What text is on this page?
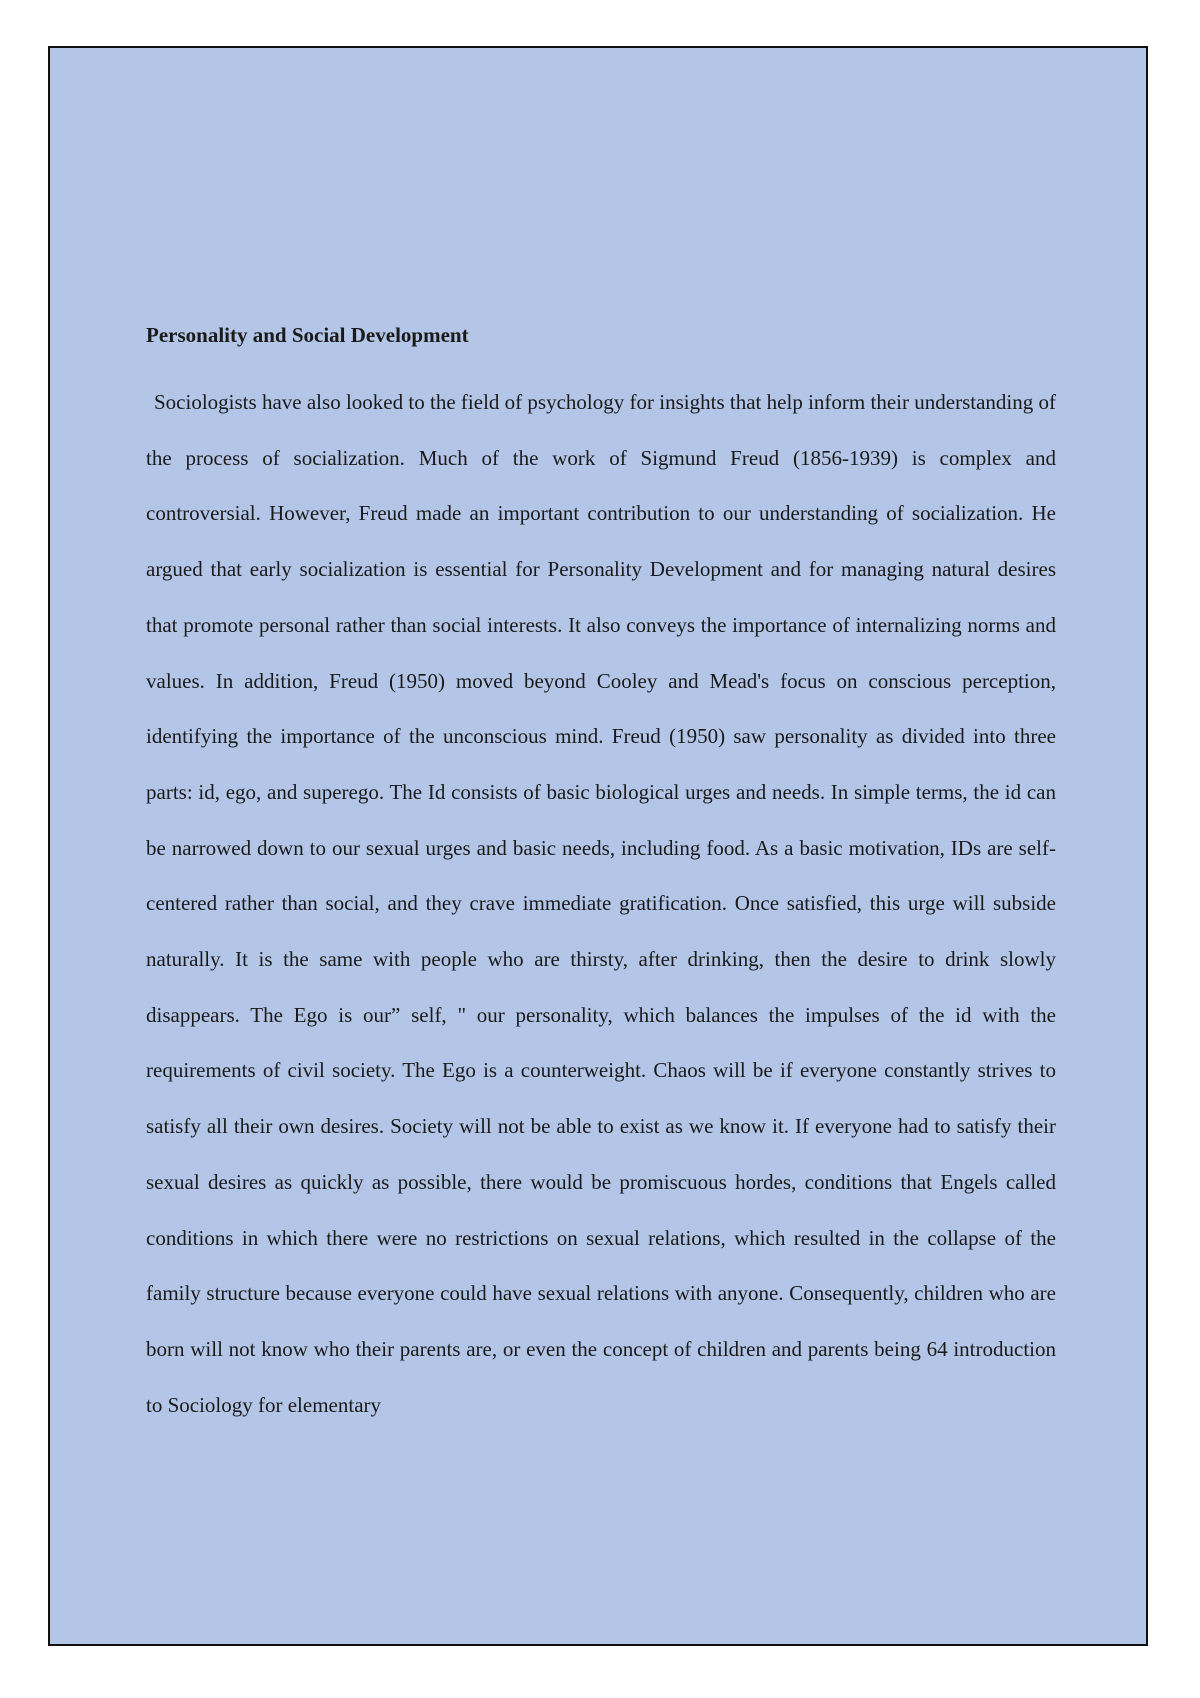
Personality and Social Development

Sociologists have also looked to the field of psychology for insights that help inform their understanding of the process of socialization. Much of the work of Sigmund Freud (1856-1939) is complex and controversial. However, Freud made an important contribution to our understanding of socialization. He argued that early socialization is essential for Personality Development and for managing natural desires that promote personal rather than social interests. It also conveys the importance of internalizing norms and values. In addition, Freud (1950) moved beyond Cooley and Mead's focus on conscious perception, identifying the importance of the unconscious mind. Freud (1950) saw personality as divided into three parts: id, ego, and superego. The Id consists of basic biological urges and needs. In simple terms, the id can be narrowed down to our sexual urges and basic needs, including food. As a basic motivation, IDs are self-centered rather than social, and they crave immediate gratification. Once satisfied, this urge will subside naturally. It is the same with people who are thirsty, after drinking, then the desire to drink slowly disappears. The Ego is our” self, " our personality, which balances the impulses of the id with the requirements of civil society. The Ego is a counterweight. Chaos will be if everyone constantly strives to satisfy all their own desires. Society will not be able to exist as we know it. If everyone had to satisfy their sexual desires as quickly as possible, there would be promiscuous hordes, conditions that Engels called conditions in which there were no restrictions on sexual relations, which resulted in the collapse of the family structure because everyone could have sexual relations with anyone. Consequently, children who are born will not know who their parents are, or even the concept of children and parents being 64 introduction to Sociology for elementary
